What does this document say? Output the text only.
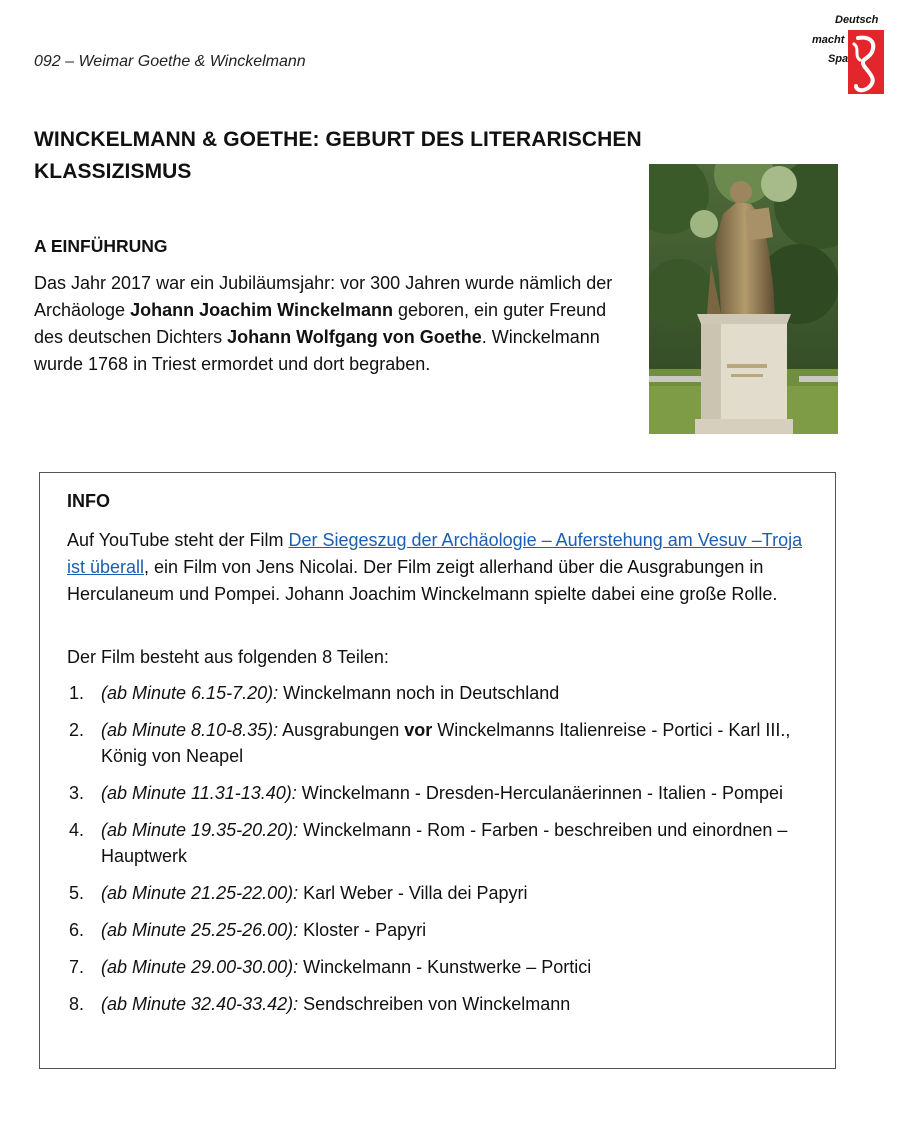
092 – Weimar Goethe & Winckelmann
Deutsch
macht
Spa
WINCKELMANN & GOETHE: GEBURT DES LITERARISCHEN KLASSIZISMUS
A EINFÜHRUNG

Das Jahr 2017 war ein Jubiläumsjahr: vor 300 Jahren wurde nämlich der Archäologe Johann Joachim Winckelmann geboren, ein guter Freund des deutschen Dichters Johann Wolfgang von Goethe. Winckelmann wurde 1768 in Triest ermordet und dort begraben.

INFO

Auf YouTube steht der Film Der Siegeszug der Archäologie – Auferstehung am Vesuv –Troja ist überall, ein Film von Jens Nicolai. Der Film zeigt allerhand über die Ausgrabungen in Herculaneum und Pompei. Johann Joachim Winckelmann spielte dabei eine große Rolle.

Der Film besteht aus folgenden 8 Teilen:

1. (ab Minute 6.15-7.20): Winckelmann noch in Deutschland
2. (ab Minute 8.10-8.35): Ausgrabungen vor Winckelmanns Italienreise - Portici - Karl III., König von Neapel
3. (ab Minute 11.31-13.40): Winckelmann - Dresden-Herculanäerinnen - Italien - Pompei
4. (ab Minute 19.35-20.20): Winckelmann - Rom - Farben - beschreiben und einordnen – Hauptwerk
5. (ab Minute 21.25-22.00): Karl Weber - Villa dei Papyri
6. (ab Minute 25.25-26.00): Kloster - Papyri
7. (ab Minute 29.00-30.00): Winckelmann - Kunstwerke – Portici
8. (ab Minute 32.40-33.42): Sendschreiben von Winckelmann
